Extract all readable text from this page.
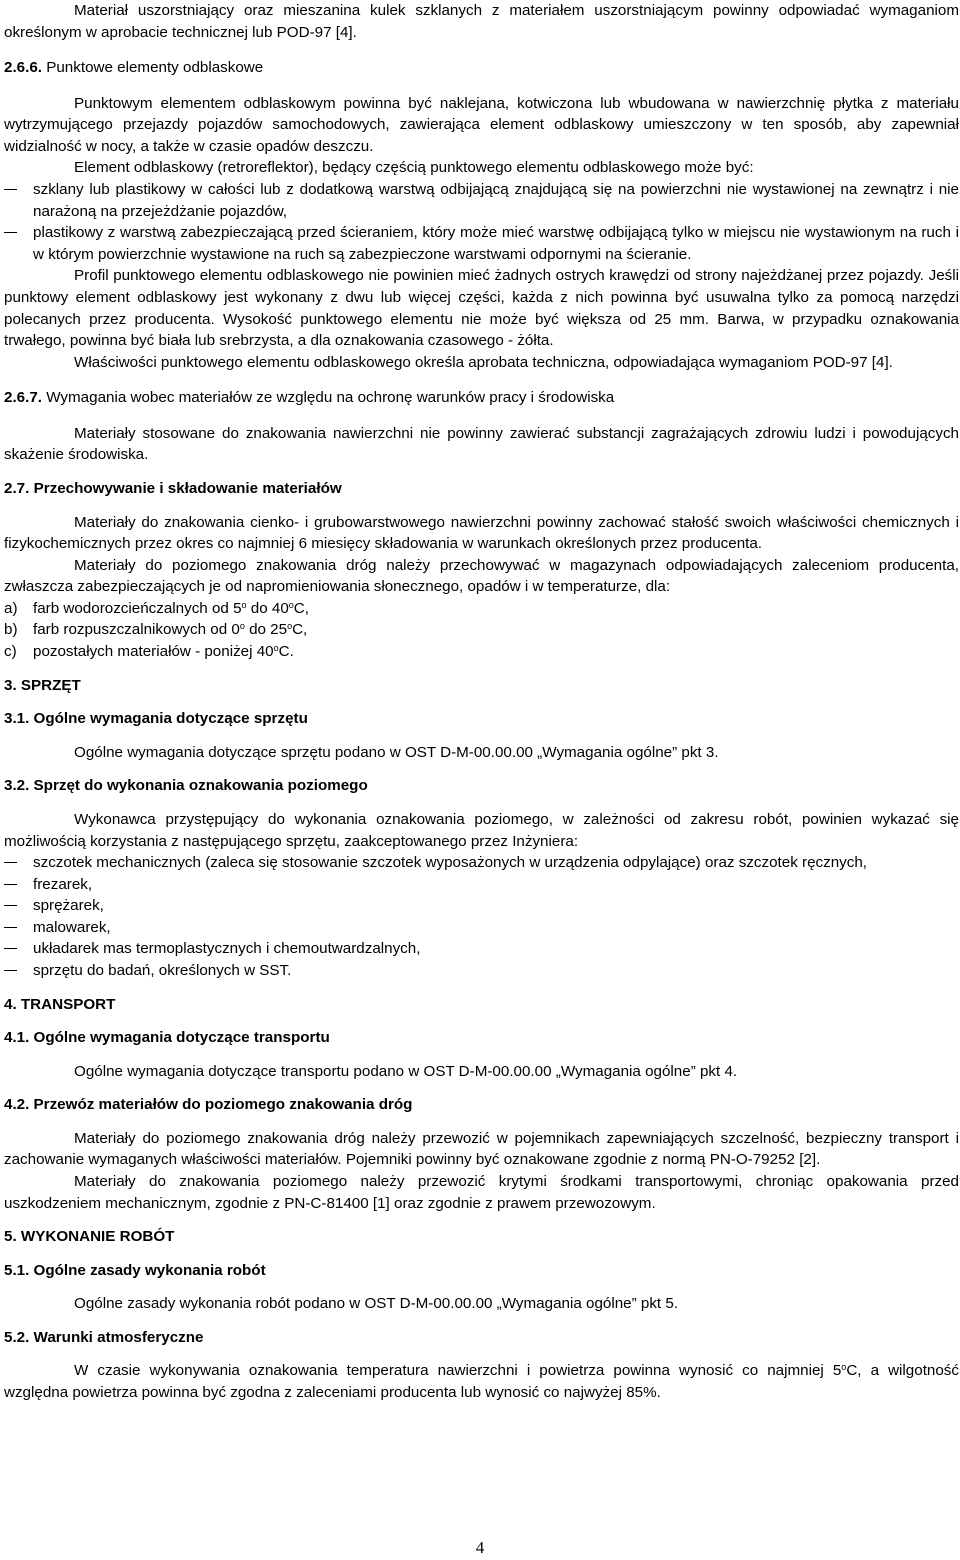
Materiał uszorstniający oraz mieszanina kulek szklanych z materiałem uszorstniającym powinny odpowiadać wymaganiom określonym w aprobacie technicznej lub POD-97 [4].

2.6.6. Punktowe elementy odblaskowe

Punktowym elementem odblaskowym powinna być naklejana, kotwiczona lub wbudowana w nawierzchnię płytka z materiału wytrzymującego przejazdy pojazdów samochodowych, zawierająca element odblaskowy umieszczony w ten sposób, aby zapewniał widzialność w nocy, a także w czasie opadów deszczu.

Element odblaskowy (retroreflektor), będący częścią punktowego elementu odblaskowego może być:

szklany lub plastikowy w całości lub z dodatkową warstwą odbijającą znajdującą się na powierzchni nie wystawionej na zewnątrz i nie narażoną na przejeżdżanie pojazdów,
plastikowy z warstwą zabezpieczającą przed ścieraniem, który może mieć warstwę odbijającą tylko w miejscu nie wystawionym na ruch i w którym powierzchnie wystawione na ruch są zabezpieczone warstwami odpornymi na ścieranie.

Profil punktowego elementu odblaskowego nie powinien mieć żadnych ostrych krawędzi od strony najeżdżanej przez pojazdy. Jeśli punktowy element odblaskowy jest wykonany z dwu lub więcej części, każda z nich powinna być usuwalna tylko za pomocą narzędzi polecanych przez producenta. Wysokość punktowego elementu nie może być większa od 25 mm. Barwa, w przypadku oznakowania trwałego, powinna być biała lub srebrzysta, a dla oznakowania czasowego - żółta.

Właściwości punktowego elementu odblaskowego określa aprobata techniczna, odpowiadająca wymaganiom POD-97 [4].

2.6.7. Wymagania wobec materiałów ze względu na ochronę warunków pracy i środowiska

Materiały stosowane do znakowania nawierzchni nie powinny zawierać substancji zagrażających zdrowiu ludzi i powodujących skażenie środowiska.

2.7. Przechowywanie i składowanie materiałów

Materiały do znakowania cienko- i grubowarstwowego nawierzchni powinny zachować stałość swoich właściwości chemicznych i fizykochemicznych przez okres co najmniej 6 miesięcy składowania w warunkach określonych przez producenta.

Materiały do poziomego znakowania dróg należy przechowywać w magazynach odpowiadających zaleceniom producenta, zwłaszcza zabezpieczających je od napromieniowania słonecznego, opadów i w temperaturze, dla:

a) farb wodorozcieńczalnych od 5$^o$ do 40$^o$C,
b) farb rozpuszczalnikowych od 0$^o$ do 25$^o$C,
c) pozostałych materiałów - poniżej 40$^o$C.
3. SPRZĘT
3.1. Ogólne wymagania dotyczące sprzętu

Ogólne wymagania dotyczące sprzętu podano w OST D-M-00.00.00 „Wymagania ogólne” pkt 3.

3.2. Sprzęt do wykonania oznakowania poziomego

Wykonawca przystępujący do wykonania oznakowania poziomego, w zależności od zakresu robót, powinien wykazać się możliwością korzystania z następującego sprzętu, zaakceptowanego przez Inżyniera:

szczotek mechanicznych (zaleca się stosowanie szczotek wyposażonych w urządzenia odpylające) oraz szczotek ręcznych,
frezarek,
sprężarek,
malowarek,
układarek mas termoplastycznych i chemoutwardzalnych,
sprzętu do badań, określonych w SST.
4. TRANSPORT
4.1. Ogólne wymagania dotyczące transportu

Ogólne wymagania dotyczące transportu podano w OST D-M-00.00.00 „Wymagania ogólne” pkt 4.

4.2. Przewóz materiałów do poziomego znakowania dróg

Materiały do poziomego znakowania dróg należy przewozić w pojemnikach zapewniających szczelność, bezpieczny transport i zachowanie wymaganych właściwości materiałów. Pojemniki powinny być oznakowane zgodnie z normą PN-O-79252 [2].

Materiały do znakowania poziomego należy przewozić krytymi środkami transportowymi, chroniąc opakowania przed uszkodzeniem mechanicznym, zgodnie z PN-C-81400 [1] oraz zgodnie z prawem przewozowym.

5. WYKONANIE ROBÓT
5.1. Ogólne zasady wykonania robót

Ogólne zasady wykonania robót podano w OST D-M-00.00.00 „Wymagania ogólne” pkt 5.

5.2. Warunki atmosferyczne

W czasie wykonywania oznakowania temperatura nawierzchni i powietrza powinna wynosić co najmniej 5$^o$C, a wilgotność względna powietrza powinna być zgodna z zaleceniami producenta lub wynosić co najwyżej 85%.

4
